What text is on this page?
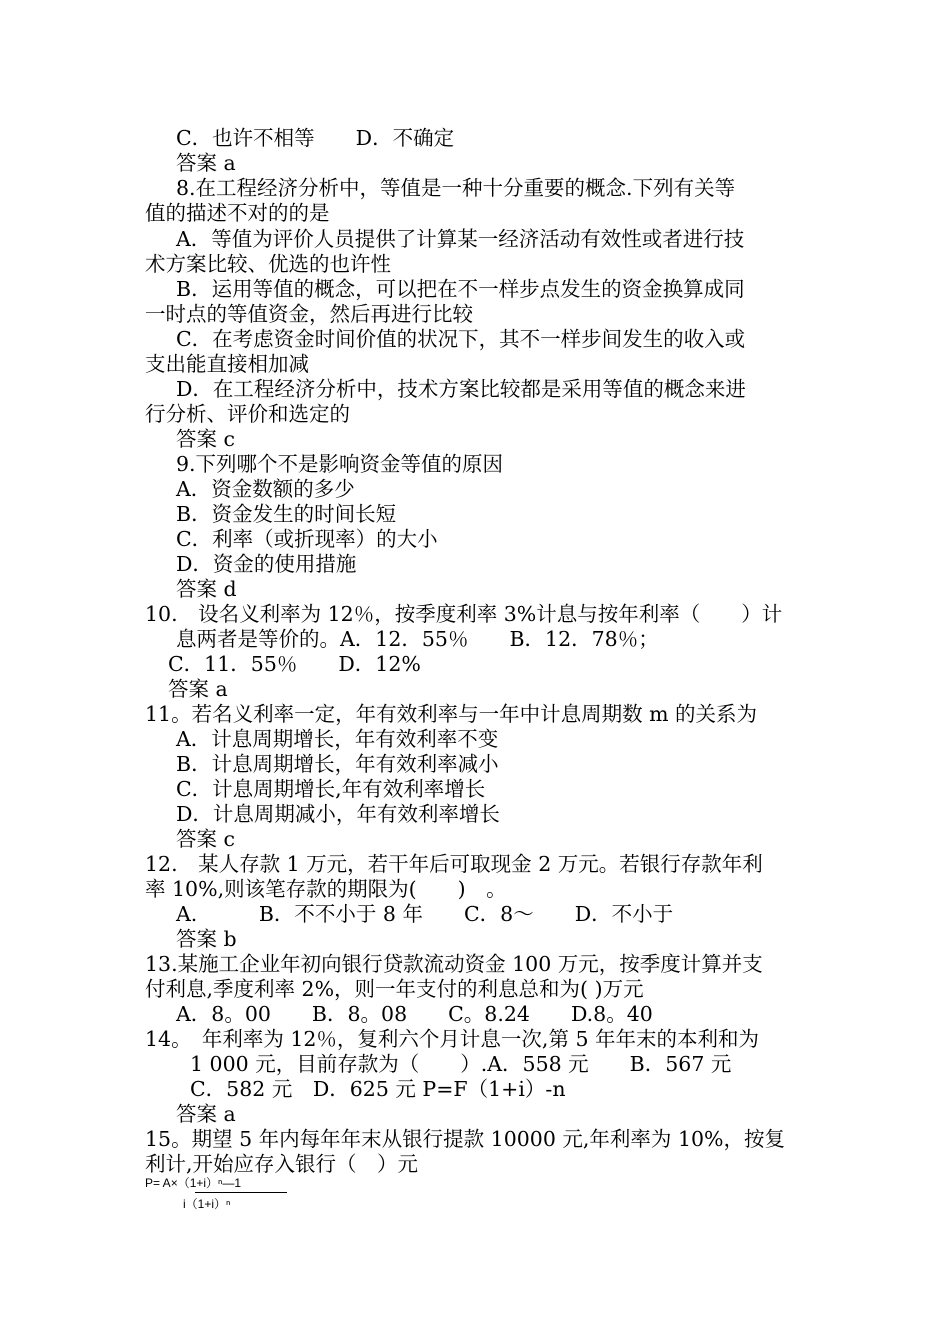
C．也许不相等　　D．不确定
答案 a
8.在工程经济分析中，等值是一种十分重要的概念.下列有关等
值的描述不对的的是
A．等值为评价人员提供了计算某一经济活动有效性或者进行技
术方案比较、优选的也许性
B．运用等值的概念，可以把在不一样步点发生的资金换算成同
一时点的等值资金，然后再进行比较
C．在考虑资金时间价值的状况下，其不一样步间发生的收入或
支出能直接相加减
D．在工程经济分析中，技术方案比较都是采用等值的概念来进
行分析、评价和选定的
答案 c
9.下列哪个不是影响资金等值的原因
A．资金数额的多少
B．资金发生的时间长短
C．利率（或折现率）的大小
D．资金的使用措施
答案 d
10.　设名义利率为 12％，按季度利率 3%计息与按年利率（　　）计
息两者是等价的。A．12．55％　　B．12．78％；
C．11．55％　　D．12%
答案 a
11。若名义利率一定，年有效利率与一年中计息周期数 m 的关系为
A．计息周期增长，年有效利率不变
B．计息周期增长，年有效利率减小
C．计息周期增长,年有效利率增长
D．计息周期减小，年有效利率增长
答案 c
12.　某人存款 1 万元，若干年后可取现金 2 万元。若银行存款年利
率 10%,则该笔存款的期限为(　　)　。
A.　　　B．不不小于 8 年　　C．8～　　D．不小于
答案 b
13.某施工企业年初向银行贷款流动资金 100 万元，按季度计算并支
付利息,季度利率 2%，则一年支付的利息总和为( )万元
A．8。00　　B．8。08　　C。8.24　　D.8。40
14。　年利率为 12％，复利六个月计息一次,第 5 年年末的本利和为
1 000 元，目前存款为（　　）.A．558 元　　B．567 元
C．582 元　D．625 元 P=F（1+i）-n
答案 a
15。期望 5 年内每年年末从银行提款 10000 元,年利率为 10%，按复
利计,开始应存入银行（　）元
P= A×（1+i）ⁿ—1
i（1+i）ⁿ
